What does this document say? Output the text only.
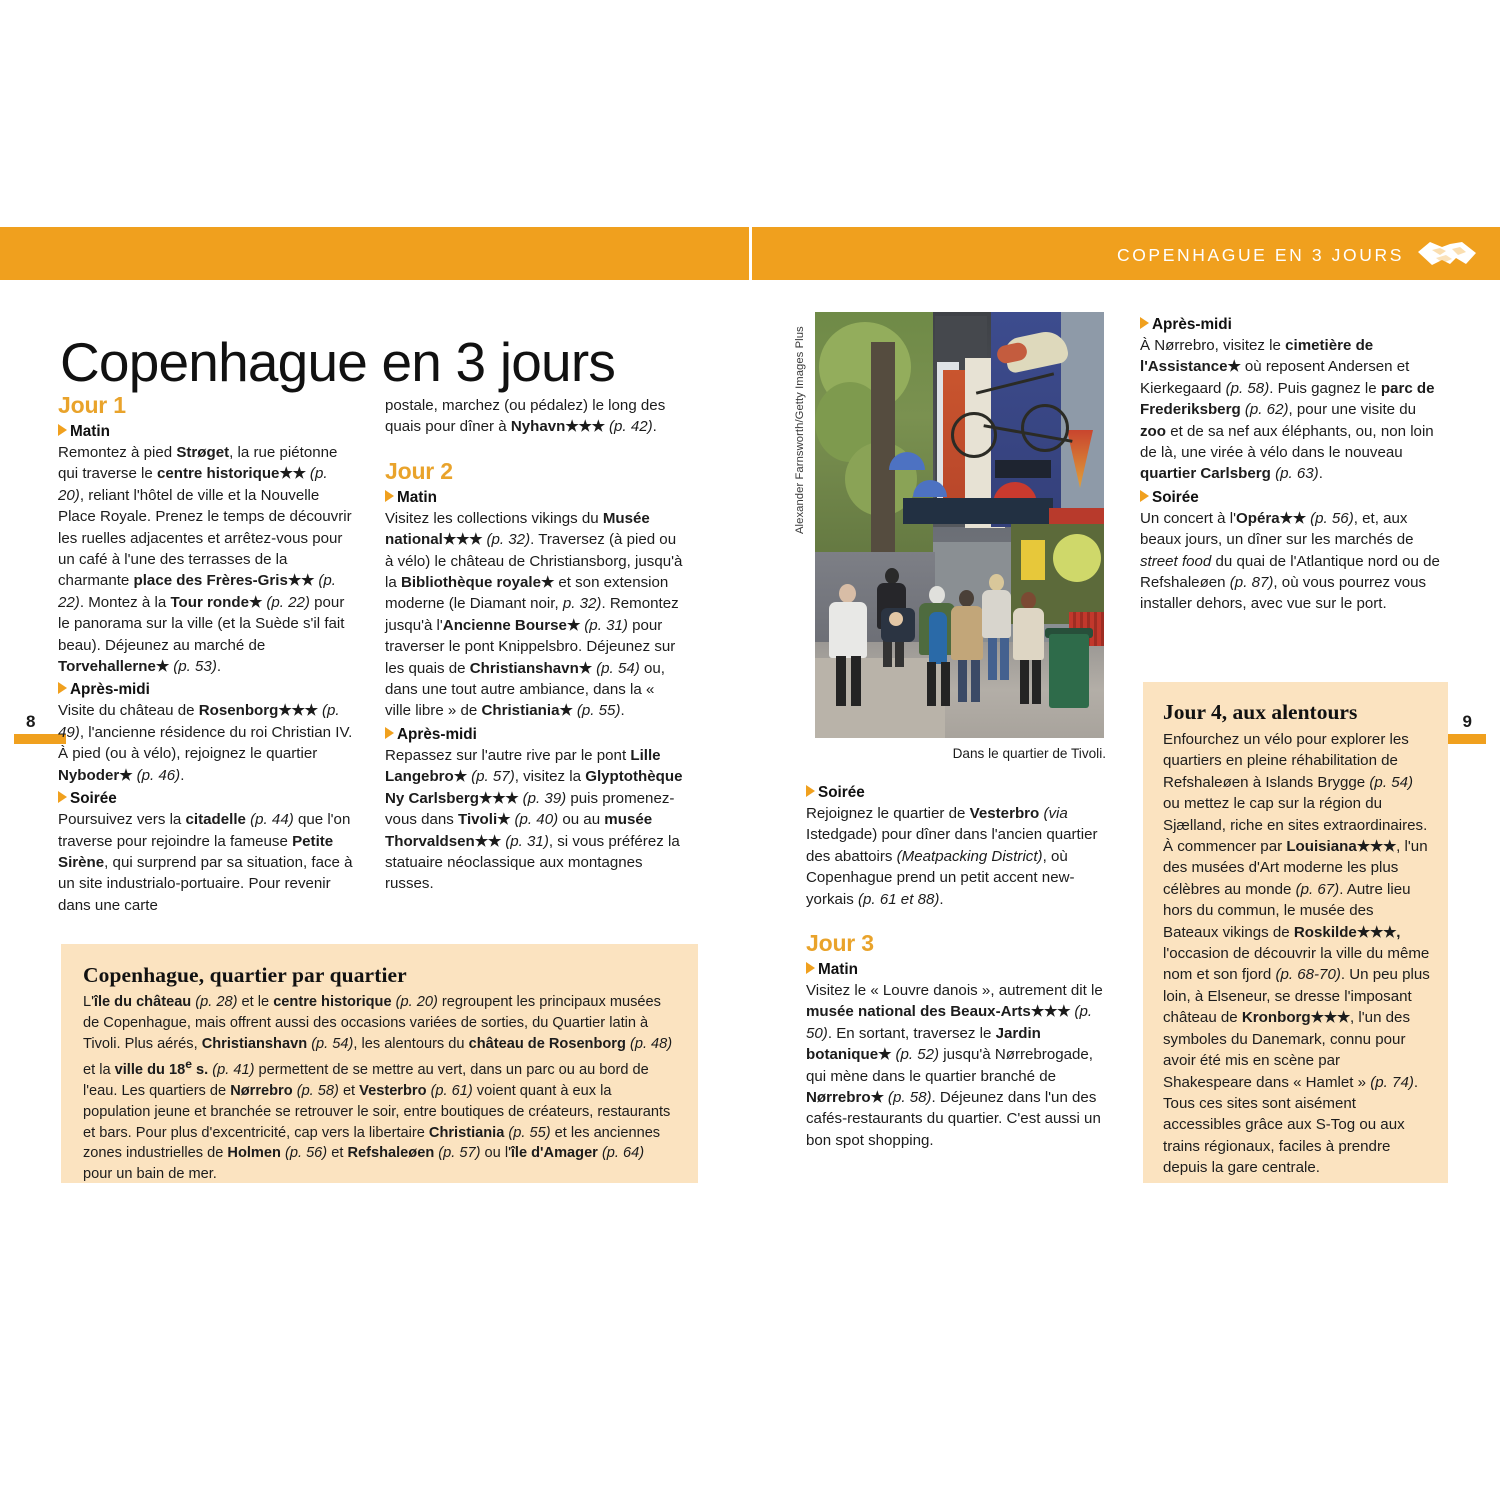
COPENHAGUE EN 3 JOURS
8	9
Copenhague en 3 jours
Jour 1
Matin

Remontez à pied Strøget, la rue piétonne qui traverse le centre historique★★ (p. 20), reliant l'hôtel de ville et la Nouvelle Place Royale. Prenez le temps de découvrir les ruelles adjacentes et arrêtez-vous pour un café à l'une des terrasses de la charmante place des Frères-Gris★★ (p. 22). Montez à la Tour ronde★ (p. 22) pour le panorama sur la ville (et la Suède s'il fait beau). Déjeunez au marché de Torvehallerne★ (p. 53).

Après-midi

Visite du château de Rosenborg★★★ (p. 49), l'ancienne résidence du roi Christian IV. À pied (ou à vélo), rejoignez le quartier Nyboder★ (p. 46).

Soirée

Poursuivez vers la citadelle (p. 44) que l'on traverse pour rejoindre la fameuse Petite Sirène, qui surprend par sa situation, face à un site industrialo-portuaire. Pour revenir dans une carte

postale, marchez (ou pédalez) le long des quais pour dîner à Nyhavn★★★ (p. 42).

Jour 2
Matin

Visitez les collections vikings du Musée national★★★ (p. 32). Traversez (à pied ou à vélo) le château de Christiansborg, jusqu'à la Bibliothèque royale★ et son extension moderne (le Diamant noir, p. 32). Remontez jusqu'à l'Ancienne Bourse★ (p. 31) pour traverser le pont Knippelsbro. Déjeunez sur les quais de Christianshavn★ (p. 54) ou, dans une tout autre ambiance, dans la « ville libre » de Christiania★ (p. 55).

Après-midi

Repassez sur l'autre rive par le pont Lille Langebro★ (p. 57), visitez la Glyptothèque Ny Carlsberg★★★ (p. 39) puis promenez-vous dans Tivoli★ (p. 40) ou au musée Thorvaldsen★★ (p. 31), si vous préférez la statuaire néoclassique aux montagnes russes.

Alexander Farnsworth/Getty Images Plus
Dans le quartier de Tivoli.
Soirée

Rejoignez le quartier de Vesterbro (via Istedgade) pour dîner dans l'ancien quartier des abattoirs (Meatpacking District), où Copenhague prend un petit accent new-yorkais (p. 61 et 88).

Jour 3
Matin

Visitez le « Louvre danois », autrement dit le musée national des Beaux-Arts★★★ (p. 50). En sortant, traversez le Jardin botanique★ (p. 52) jusqu'à Nørrebrogade, qui mène dans le quartier branché de Nørrebro★ (p. 58). Déjeunez dans l'un des cafés-restaurants du quartier. C'est aussi un bon spot shopping.

Après-midi

À Nørrebro, visitez le cimetière de l'Assistance★ où reposent Andersen et Kierkegaard (p. 58). Puis gagnez le parc de Frederiksberg (p. 62), pour une visite du zoo et de sa nef aux éléphants, ou, non loin de là, une virée à vélo dans le nouveau quartier Carlsberg (p. 63).

Soirée

Un concert à l'Opéra★★ (p. 56), et, aux beaux jours, un dîner sur les marchés de street food du quai de l'Atlantique nord ou de Refshaleøen (p. 87), où vous pourrez vous installer dehors, avec vue sur le port.

Copenhague, quartier par quartier
L'île du château (p. 28) et le centre historique (p. 20) regroupent les principaux musées de Copenhague, mais offrent aussi des occasions variées de sorties, du Quartier latin à Tivoli. Plus aérés, Christianshavn (p. 54), les alentours du château de Rosenborg (p. 48) et la ville du 18e s. (p. 41) permettent de se mettre au vert, dans un parc ou au bord de l'eau. Les quartiers de Nørrebro (p. 58) et Vesterbro (p. 61) voient quant à eux la population jeune et branchée se retrouver le soir, entre boutiques de créateurs, restaurants et bars. Pour plus d'excentricité, cap vers la libertaire Christiania (p. 55) et les anciennes zones industrielles de Holmen (p. 56) et Refshaleøen (p. 57) ou l'île d'Amager (p. 64) pour un bain de mer.
Jour 4, aux alentours
Enfourchez un vélo pour explorer les quartiers en pleine réhabilitation de Refshaleøen à Islands Brygge (p. 54) ou mettez le cap sur la région du Sjælland, riche en sites extraordinaires. À commencer par Louisiana★★★, l'un des musées d'Art moderne les plus célèbres au monde (p. 67). Autre lieu hors du commun, le musée des Bateaux vikings de Roskilde★★★, l'occasion de découvrir la ville du même nom et son fjord (p. 68-70). Un peu plus loin, à Elseneur, se dresse l'imposant château de Kronborg★★★, l'un des symboles du Danemark, connu pour avoir été mis en scène par Shakespeare dans « Hamlet » (p. 74). Tous ces sites sont aisément accessibles grâce aux S-Tog ou aux trains régionaux, faciles à prendre depuis la gare centrale.
